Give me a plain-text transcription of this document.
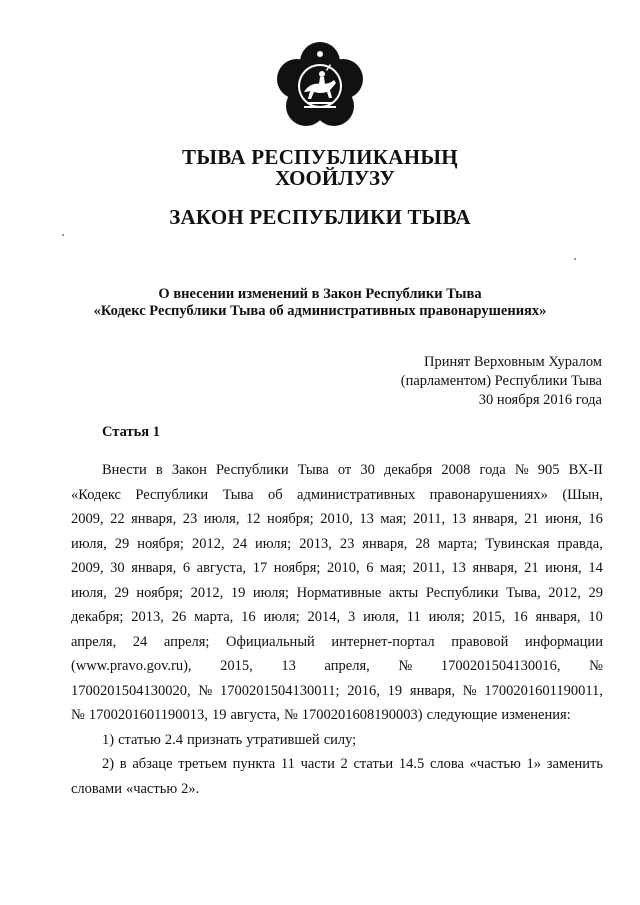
ТЫВА РЕСПУБЛИКАНЫҢ
ХООЙЛУЗУ
ЗАКОН РЕСПУБЛИКИ ТЫВА
О внесении изменений в Закон Республики Тыва
«Кодекс Республики Тыва об административных правонарушениях»
Принят Верховным Хуралом
(парламентом) Республики Тыва
30 ноября 2016 года
Статья 1
Внести в Закон Республики Тыва от 30 декабря 2008 года № 905 ВХ-II
«Кодекс Республики Тыва об административных правонарушениях» (Шын,
2009, 22 января, 23 июля, 12 ноября; 2010, 13 мая; 2011, 13 января, 21 июня, 16
июля, 29 ноября; 2012, 24 июля; 2013, 23 января, 28 марта; Тувинская правда,
2009, 30 января, 6 августа, 17 ноября; 2010, 6 мая; 2011, 13 января, 21 июня, 14
июля, 29 ноября; 2012, 19 июля; Нормативные акты Республики Тыва, 2012, 29
декабря; 2013, 26 марта, 16 июля; 2014, 3 июля, 11 июля; 2015, 16 января, 10
апреля, 24 апреля; Официальный интернет-портал правовой информации
(www.pravo.gov.ru), 2015, 13 апреля, № 1700201504130016, №
1700201504130020, № 1700201504130011; 2016, 19 января, № 1700201601190011,
№ 1700201601190013, 19 августа, № 1700201608190003) следующие изменения:
1) статью 2.4 признать утратившей силу;
2) в абзаце третьем пункта 11 части 2 статьи 14.5 слова «частью 1» заменить
словами «частью 2».
